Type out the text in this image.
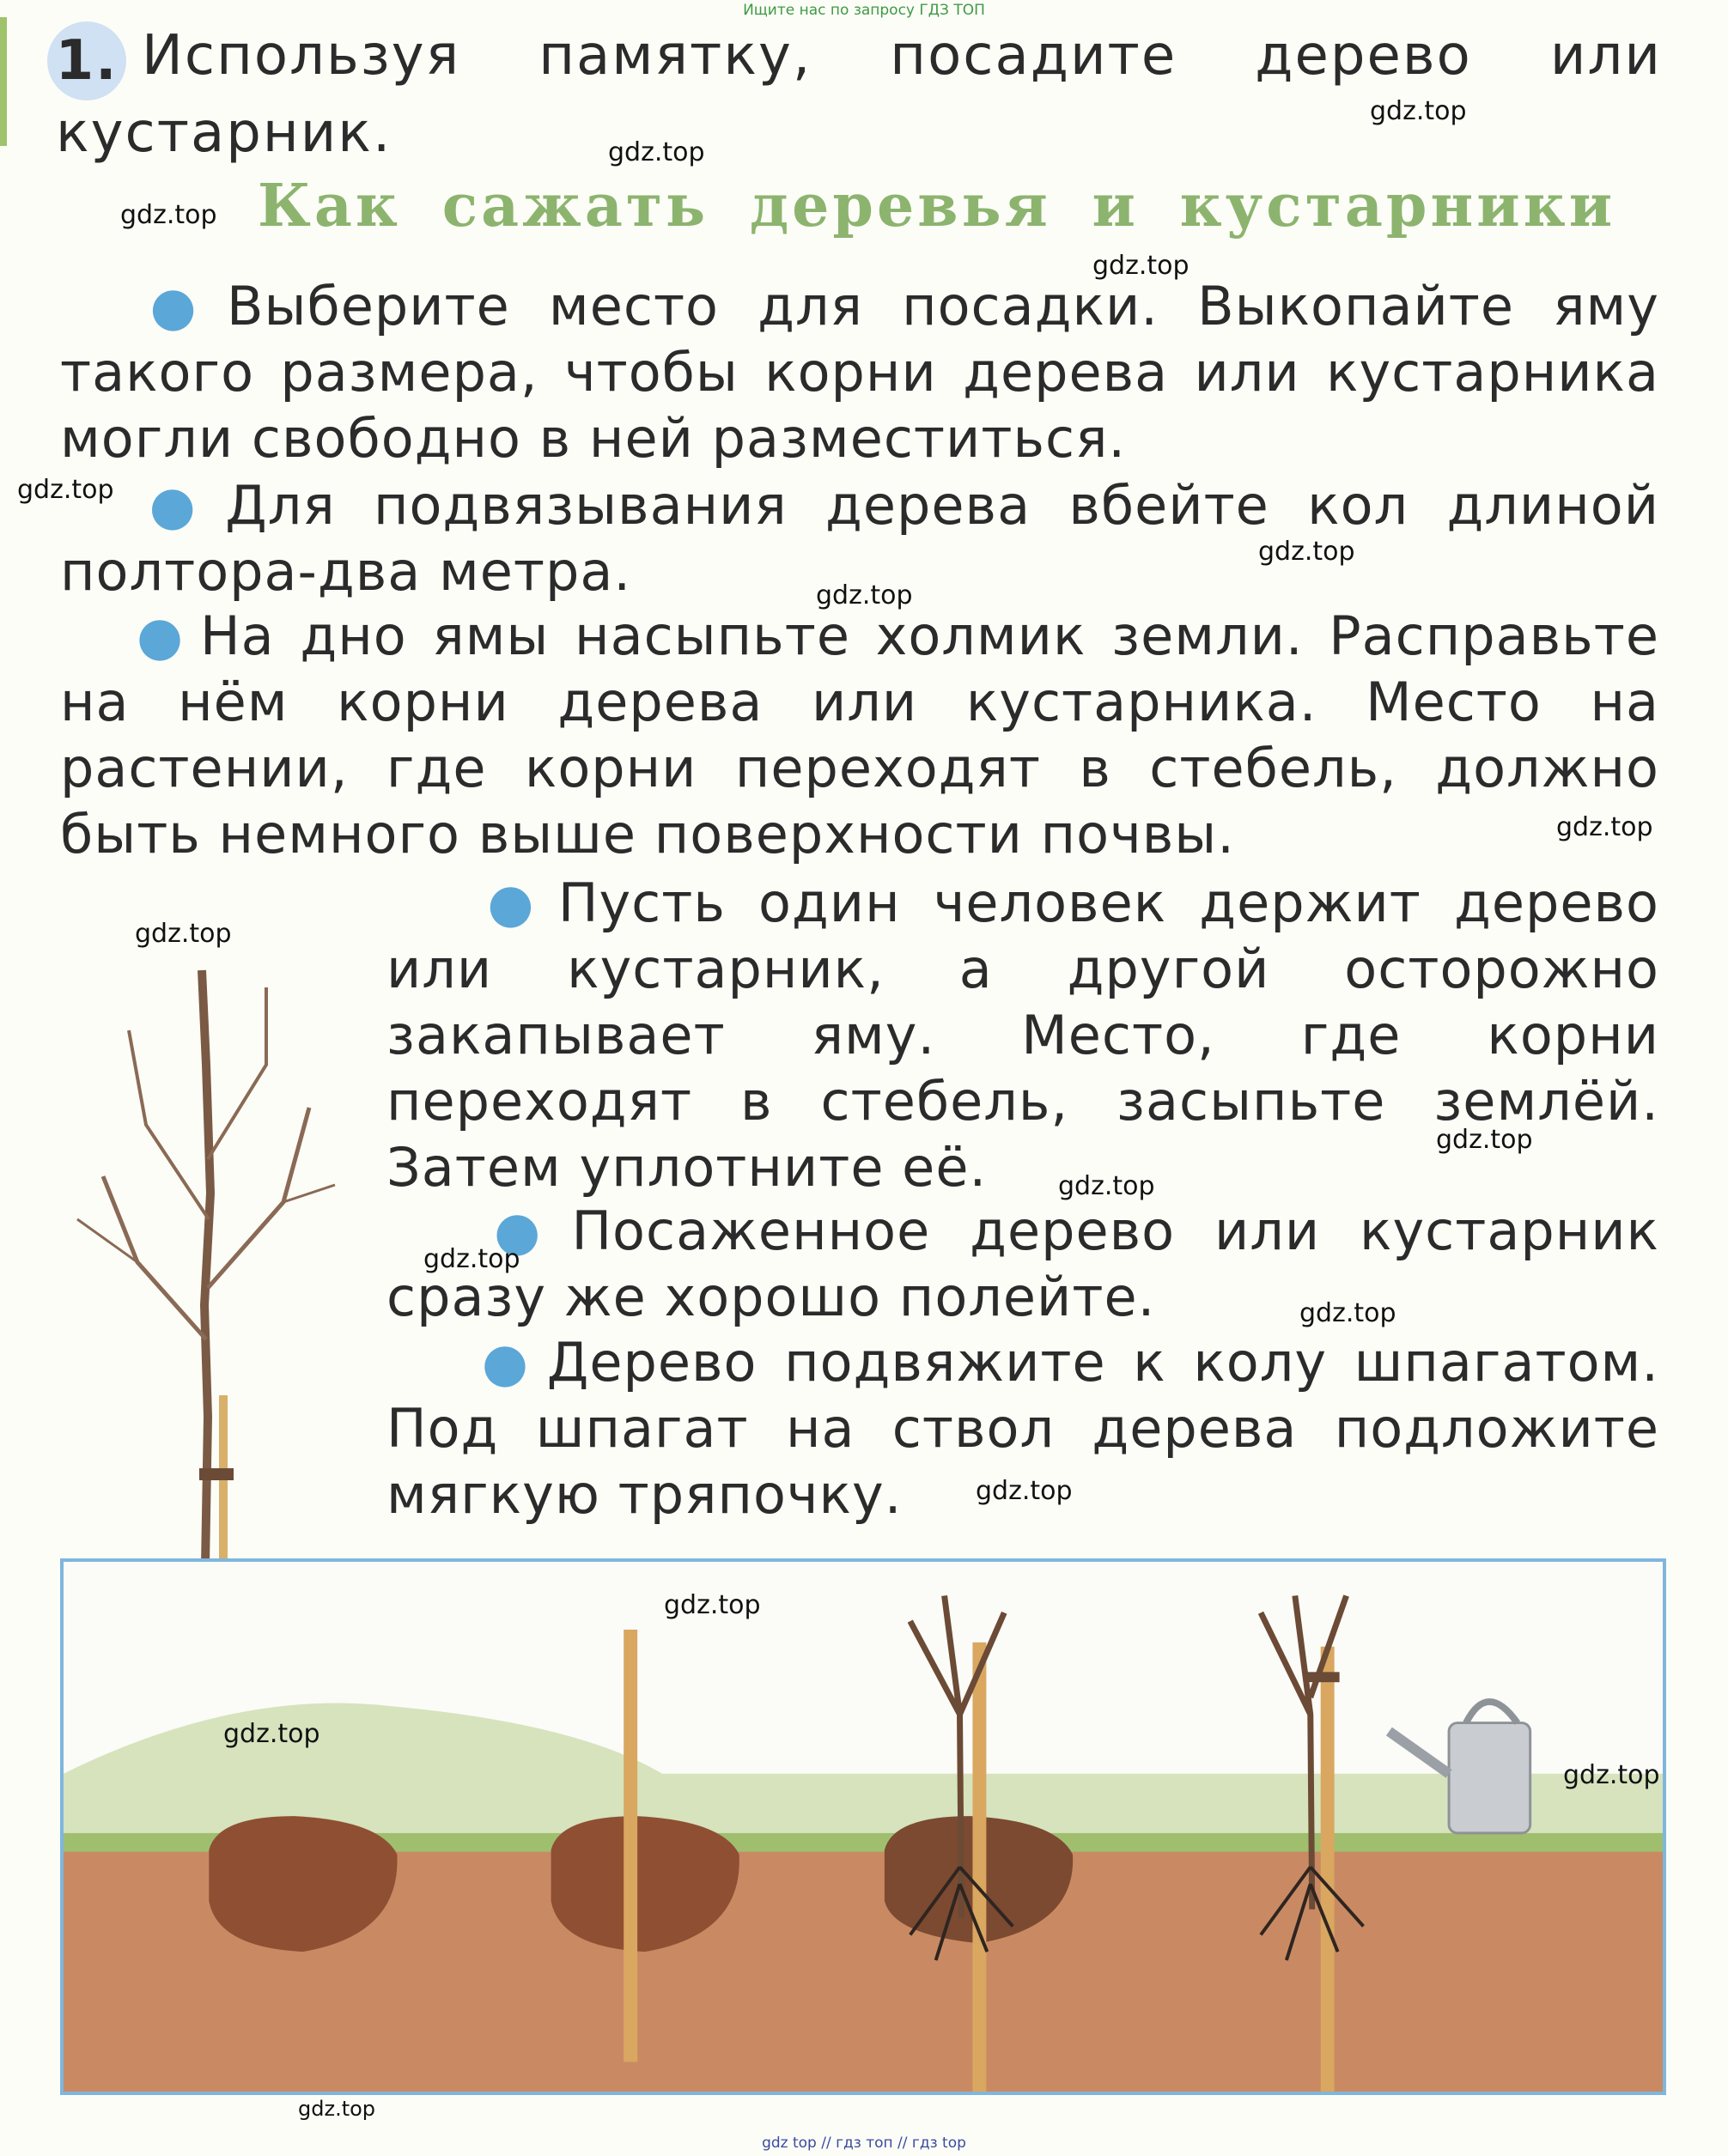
Ищите нас по запросу ГДЗ ТОП
1. Используя памятку, посадите дерево или кустарник.
Как сажать деревья и кустарники
● Выберите место для посадки. Выкопайте яму такого размера, чтобы корни дерева или кустарника могли свободно в ней разместиться.
● Для подвязывания дерева вбейте кол длиной полтора-два метра.
● На дно ямы насыпьте холмик земли. Расправьте на нём корни дерева или кустарника. Место на растении, где корни переходят в стебель, должно быть немного выше поверхности почвы.
● Пусть один человек держит дерево или кустарник, а другой осторожно закапывает яму. Место, где корни переходят в стебель, засыпьте землёй. Затем уплотните её.
● Посаженное дерево или кустарник сразу же хорошо полейте.
● Дерево подвяжите к колу шпагатом. Под шпагат на ствол дерева подложите мягкую тряпочку.
gdz.top
gdz.top
gdz.top
gdz.top
gdz.top
gdz.top
gdz.top
gdz.top
gdz.top
gdz.top
gdz.top
gdz.top
gdz.top
gdz.top
gdz.top
gdz.top
gdz.top
gdz.top
gdz top // гдз топ // гдз top
